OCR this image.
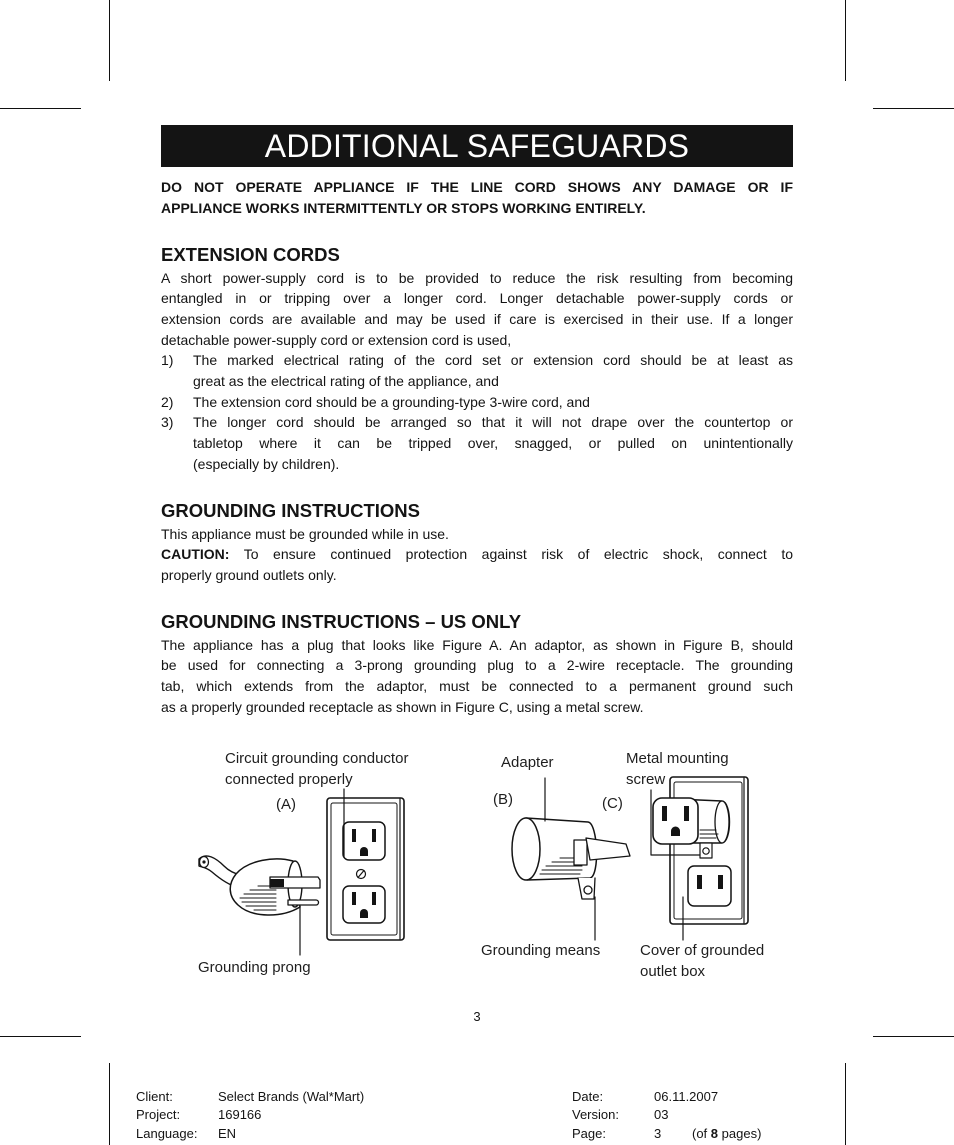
ADDITIONAL SAFEGUARDS
DO NOT OPERATE APPLIANCE IF THE LINE CORD SHOWS ANY DAMAGE OR IF
APPLIANCE WORKS INTERMITTENTLY OR STOPS WORKING ENTIRELY.
EXTENSION CORDS
A short power-supply cord is to be provided to reduce the risk resulting from becoming
entangled in or tripping over a longer cord. Longer detachable power-supply cords or
extension cords are available and may be used if care is exercised in their use. If a longer
detachable power-supply cord or extension cord is used,
1)	The marked electrical rating of the cord set or extension cord should be at least as
great as the electrical rating of the appliance, and
2)	The extension cord should be a grounding-type 3-wire cord, and
3)	The longer cord should be arranged so that it will not drape over the countertop or
tabletop where it can be tripped over, snagged, or pulled on unintentionally
(especially by children).
GROUNDING INSTRUCTIONS
This appliance must be grounded while in use.
CAUTION: To ensure continued protection against risk of electric shock, connect to
properly ground outlets only.
GROUNDING INSTRUCTIONS – US ONLY
The appliance has a plug that looks like Figure A. An adaptor, as shown in Figure B, should
be used for connecting a 3-prong grounding plug to a 2-wire receptacle. The grounding
tab, which extends from the adaptor, must be connected to a permanent ground such
as a properly grounded receptacle as shown in Figure C, using a metal screw.
Circuit grounding conductor
connected properly
(A)
Grounding prong
Adapter
(B)	(C)
Metal mounting
screw
Grounding means	Cover of grounded
outlet box
3
Client:	Select Brands (Wal*Mart)
Project:	169166
Language: EN
Date:	06.11.2007
Version:	03
Page:	3 (of 8 pages)
